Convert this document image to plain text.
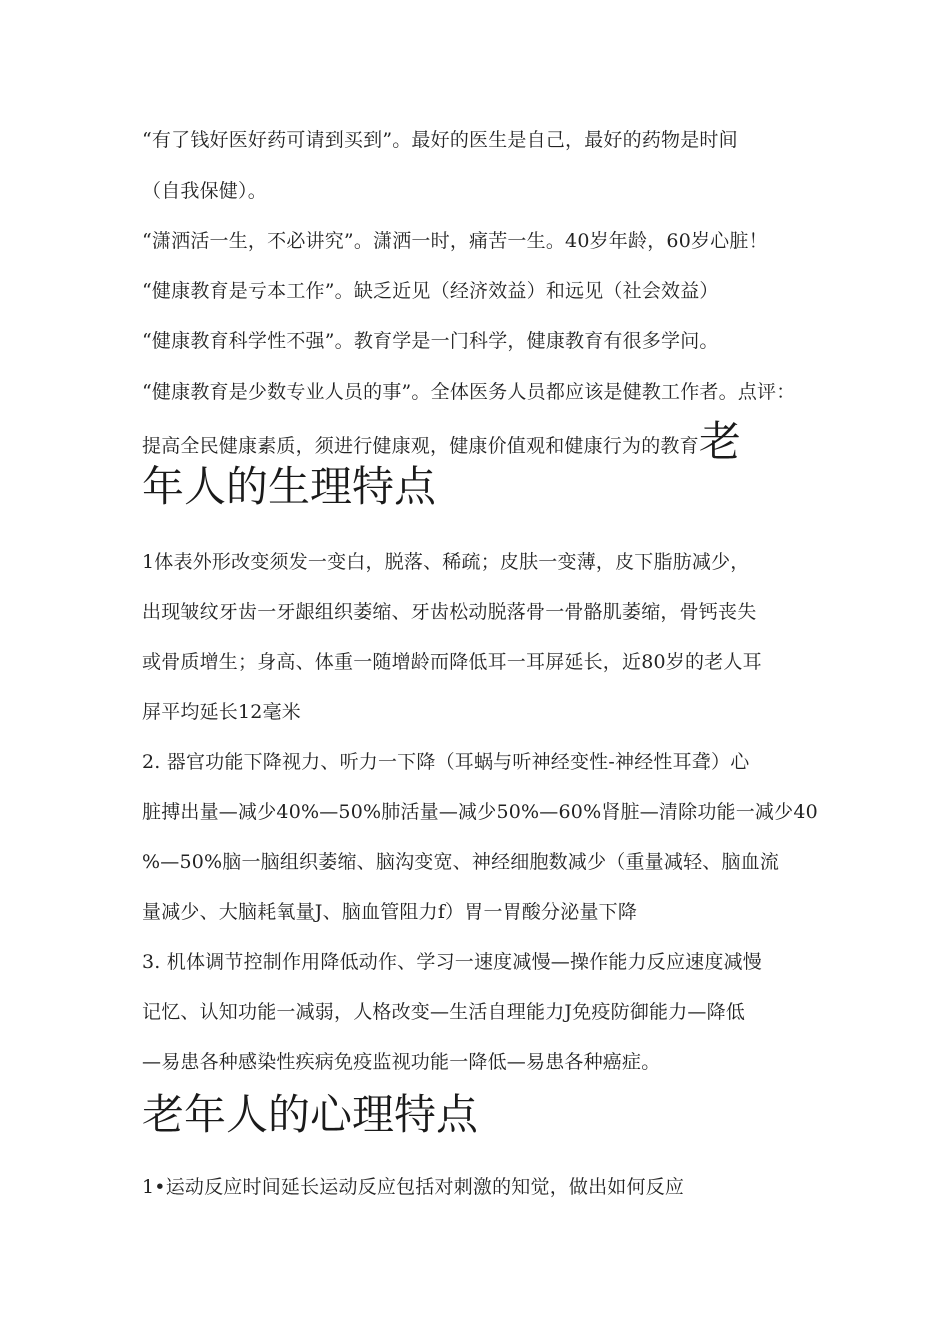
“有了钱好医好药可请到买到”。最好的医生是自己，最好的药物是时间
（自我保健）。
“潇洒活一生，不必讲究”。潇洒一时，痛苦一生。40岁年龄，60岁心脏！
“健康教育是亏本工作”。缺乏近见（经济效益）和远见（社会效益）
“健康教育科学性不强”。教育学是一门科学，健康教育有很多学问。
“健康教育是少数专业人员的事”。全体医务人员都应该是健教工作者。点评：
提高全民健康素质，须进行健康观，健康价值观和健康行为的教育老
年人的生理特点
1体表外形改变须发一变白，脱落、稀疏；皮肤一变薄，皮下脂肪减少，
出现皱纹牙齿一牙龈组织萎缩、牙齿松动脱落骨一骨骼肌萎缩，骨钙丧失
或骨质增生；身高、体重一随增龄而降低耳一耳屏延长，近80岁的老人耳
屏平均延长12毫米
2. 器官功能下降视力、听力一下降（耳蜗与听神经变性-神经性耳聋）心
脏搏出量—减少40%—50%肺活量—减少50%—60%肾脏—清除功能一减少40
%—50%脑一脑组织萎缩、脑沟变宽、神经细胞数减少（重量减轻、脑血流
量减少、大脑耗氧量J、脑血管阻力f）胃一胃酸分泌量下降
3. 机体调节控制作用降低动作、学习一速度减慢—操作能力反应速度减慢
记忆、认知功能一减弱，人格改变—生活自理能力J免疫防御能力—降低
—易患各种感染性疾病免疫监视功能一降低—易患各种癌症。
老年人的心理特点
1•运动反应时间延长运动反应包括对刺激的知觉，做出如何反应
